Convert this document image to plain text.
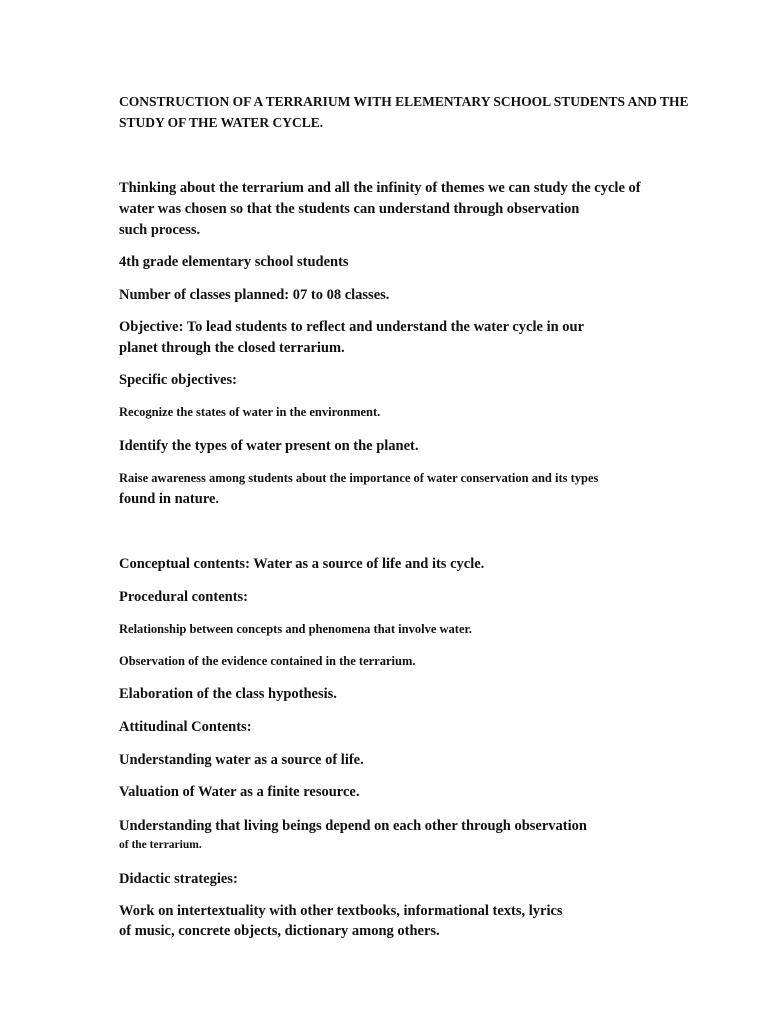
CONSTRUCTION OF A TERRARIUM WITH ELEMENTARY SCHOOL STUDENTS AND THE
STUDY OF THE WATER CYCLE.
Thinking about the terrarium and all the infinity of themes we can study the cycle of
water was chosen so that the students can understand through observation
such process.
4th grade elementary school students
Number of classes planned: 07 to 08 classes.
Objective: To lead students to reflect and understand the water cycle in our
planet through the closed terrarium.
Specific objectives:
Recognize the states of water in the environment.
Identify the types of water present on the planet.
Raise awareness among students about the importance of water conservation and its types
found in nature.
Conceptual contents: Water as a source of life and its cycle.
Procedural contents:
Relationship between concepts and phenomena that involve water.
Observation of the evidence contained in the terrarium.
Elaboration of the class hypothesis.
Attitudinal Contents:
Understanding water as a source of life.
Valuation of Water as a finite resource.
Understanding that living beings depend on each other through observation
of the terrarium.
Didactic strategies:
Work on intertextuality with other textbooks, informational texts, lyrics
of music, concrete objects, dictionary among others.
